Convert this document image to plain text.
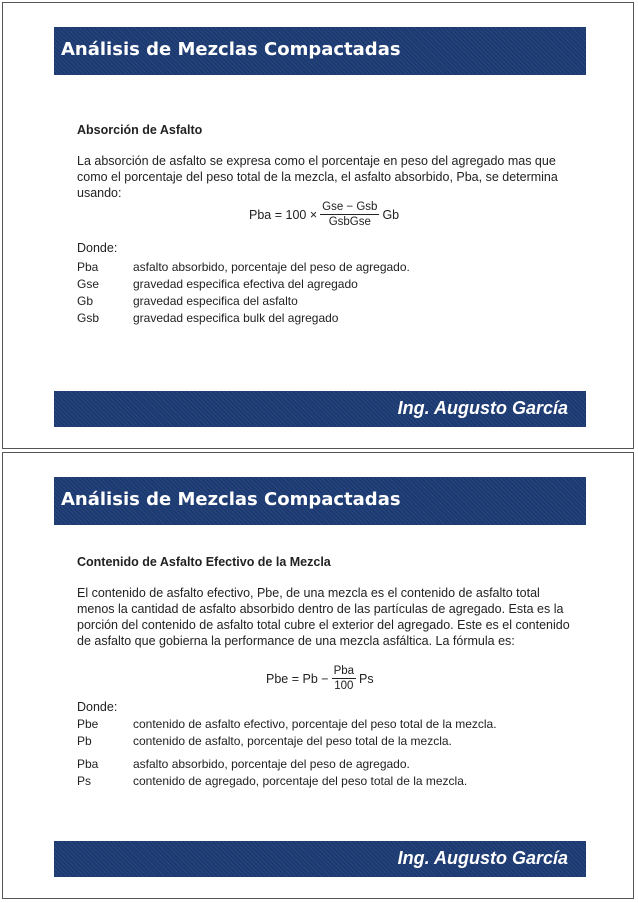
Análisis de Mezclas Compactadas
Absorción de Asfalto

La absorción de asfalto se expresa como el porcentaje en peso del agregado mas que como el porcentaje del peso total de la mezcla, el asfalto absorbido, Pba, se determina usando:

Pba
= $100 \times \frac{\text{Gse − Gsb}}{\text{GsbGse}}$ Gb
Donde:
Pba	asfalto absorbido, porcentaje del peso de agregado.
Gse	gravedad especifica efectiva del agregado
Gb	gravedad especifica del asfalto
Gsb	gravedad especifica bulk del agregado
Ing. Augusto García
Análisis de Mezclas Compactadas
Contenido de Asfalto Efectivo de la Mezcla

El contenido de asfalto efectivo, Pbe, de una mezcla es el contenido de asfalto total menos la cantidad de asfalto absorbido dentro de las partículas de agregado. Esta es la porción del contenido de asfalto total cubre el exterior del agregado. Este es el contenido de asfalto que gobierna la performance de una mezcla asfáltica. La fórmula es:

Pbe
= $Pb - \frac{\text{Pba}}{100}$ Ps
Donde:
Pbe	contenido de asfalto efectivo, porcentaje del peso total de la mezcla.
Pb	contenido de asfalto, porcentaje del peso total de la mezcla.
Pba	asfalto absorbido, porcentaje del peso de agregado.
Ps	contenido de agregado, porcentaje del peso total de la mezcla.
Ing. Augusto García
